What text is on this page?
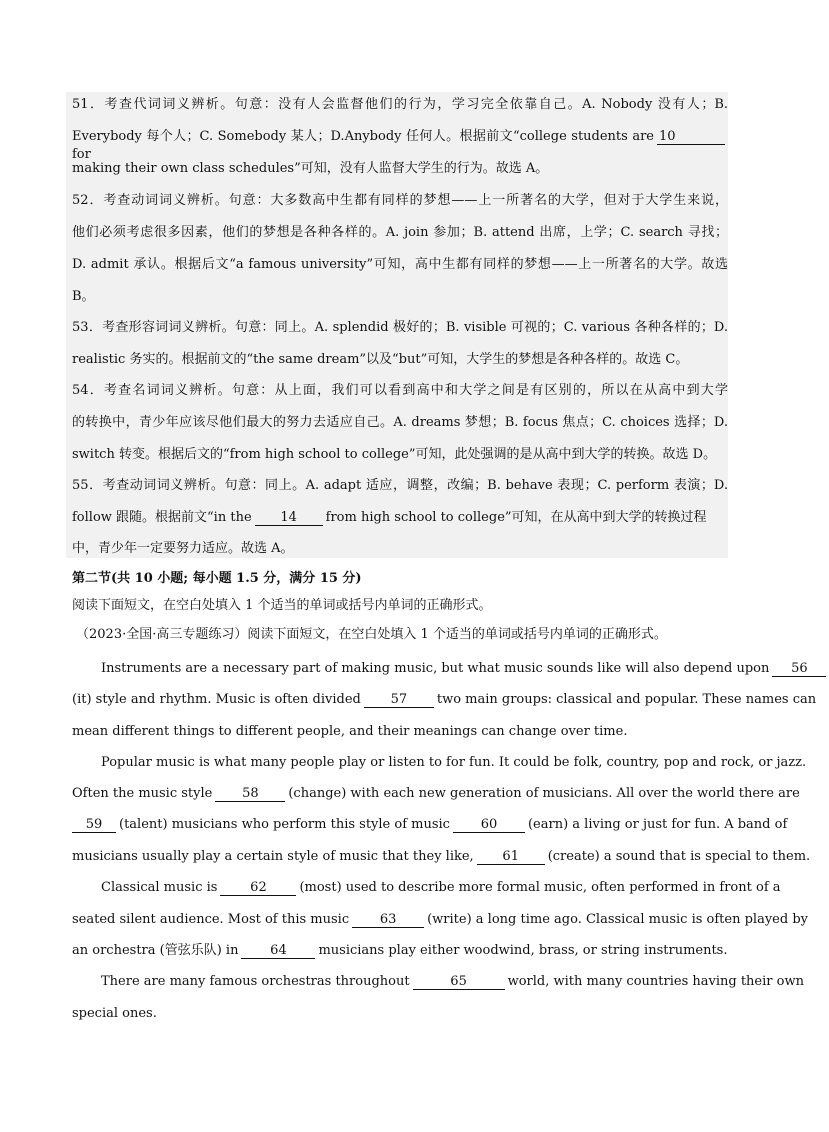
51．考查代词词义辨析。句意：没有人会监督他们的行为，学习完全依靠自己。A. Nobody 没有人；B.
Everybody 每个人；C. Somebody 某人；D.Anybody 任何人。根据前文“college students are 10for
making their own class schedules”可知，没有人监督大学生的行为。故选 A。
52．考查动词词义辨析。句意：大多数高中生都有同样的梦想——上一所著名的大学，但对于大学生来说，
他们必须考虑很多因素，他们的梦想是各种各样的。A. join 参加；B. attend 出席，上学；C. search 寻找；
D. admit 承认。根据后文“a famous university”可知，高中生都有同样的梦想——上一所著名的大学。故选
B。
53．考查形容词词义辨析。句意：同上。A. splendid 极好的；B. visible 可视的；C. various 各种各样的；D.
realistic 务实的。根据前文的“the same dream”以及“but”可知，大学生的梦想是各种各样的。故选 C。
54．考查名词词义辨析。句意：从上面，我们可以看到高中和大学之间是有区别的，所以在从高中到大学
的转换中，青少年应该尽他们最大的努力去适应自己。A. dreams 梦想；B. focus 焦点；C. choices 选择；D.
switch 转变。根据后文的“from high school to college”可知，此处强调的是从高中到大学的转换。故选 D。
55．考查动词词义辨析。句意：同上。A. adapt 适应，调整，改编；B. behave 表现；C. perform 表演；D.
follow 跟随。根据前文“in the 14 from high school to college”可知，在从高中到大学的转换过程
中，青少年一定要努力适应。故选 A。
第二节(共 10 小题; 每小题 1.5 分，满分 15 分)
阅读下面短文，在空白处填入 1 个适当的单词或括号内单词的正确形式。
（2023·全国·高三专题练习）阅读下面短文，在空白处填入 1 个适当的单词或括号内单词的正确形式。
Instruments are a necessary part of making music, but what music sounds like will also depend upon 56
(it) style and rhythm. Music is often divided 57 two main groups: classical and popular. These names can
mean different things to different people, and their meanings can change over time.
Popular music is what many people play or listen to for fun. It could be folk, country, pop and rock, or jazz.
Often the music style 58 (change) with each new generation of musicians. All over the world there are
59 (talent) musicians who perform this style of music 60 (earn) a living or just for fun. A band of
musicians usually play a certain style of music that they like, 61 (create) a sound that is special to them.
Classical music is	62	(most) used to describe more formal music, often performed in front of a
seated silent audience. Most of this music 63 (write) a long time ago. Classical music is often played by
an orchestra (管弦乐队) in 64 musicians play either woodwind, brass, or string instruments.
There are many famous orchestras throughout	65	world, with many countries having their own
special ones.
